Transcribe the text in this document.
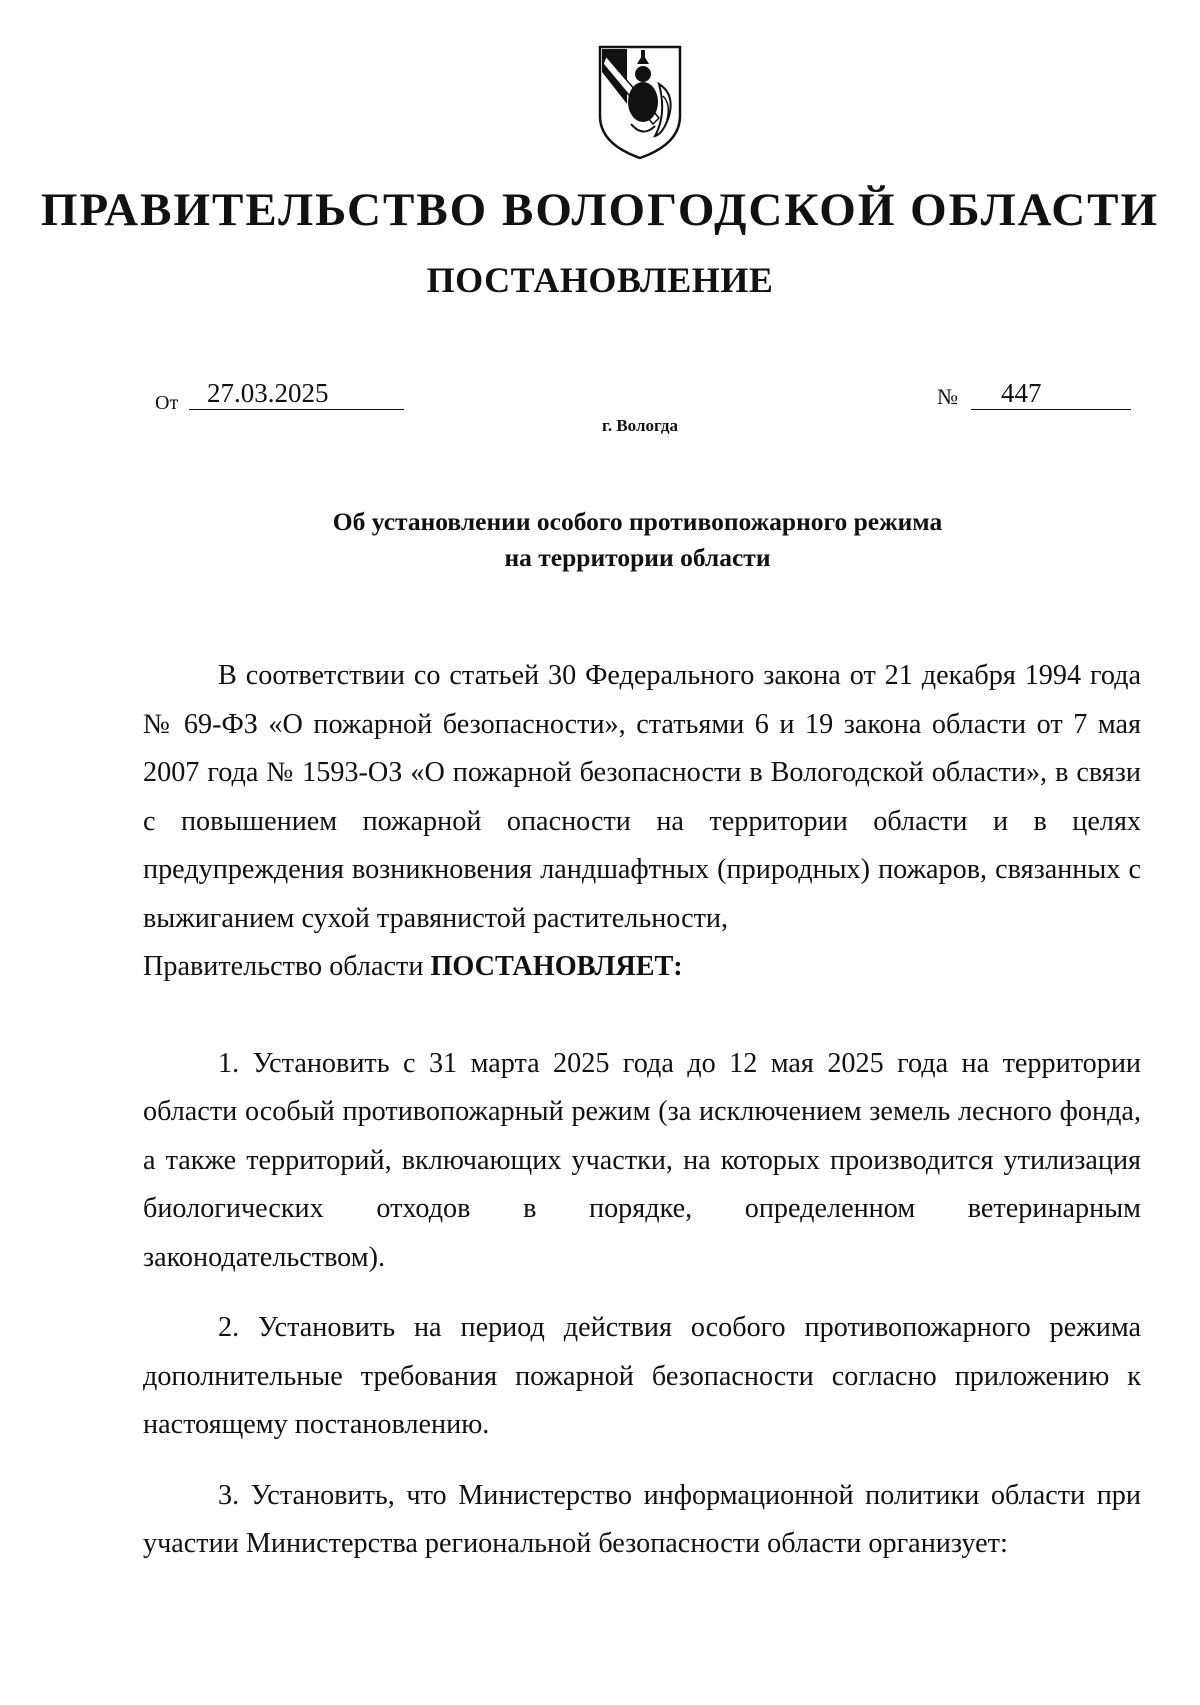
ПРАВИТЕЛЬСТВО ВОЛОГОДСКОЙ ОБЛАСТИ
ПОСТАНОВЛЕНИЕ
От	27.03.2025	№	447
г. Вологда
Об установлении особого противопожарного режима
на территории области

В соответствии со статьей 30 Федерального закона от 21 декабря 1994 года № 69-ФЗ «О пожарной безопасности», статьями 6 и 19 закона области от 7 мая 2007 года № 1593-ОЗ «О пожарной безопасности в Вологодской области», в связи с повышением пожарной опасности на территории области и в целях предупреждения возникновения ландшафтных (природных) пожаров, связанных с выжиганием сухой травянистой растительности,

Правительство области ПОСТАНОВЛЯЕТ:

1. Установить с 31 марта 2025 года до 12 мая 2025 года на территории области особый противопожарный режим (за исключением земель лесного фонда, а также территорий, включающих участки, на которых производится утилизация биологических отходов в порядке, определенном ветеринарным законодательством).

2. Установить на период действия особого противопожарного режима дополнительные требования пожарной безопасности согласно приложению к настоящему постановлению.

3. Установить, что Министерство информационной политики области при участии Министерства региональной безопасности области организует:
